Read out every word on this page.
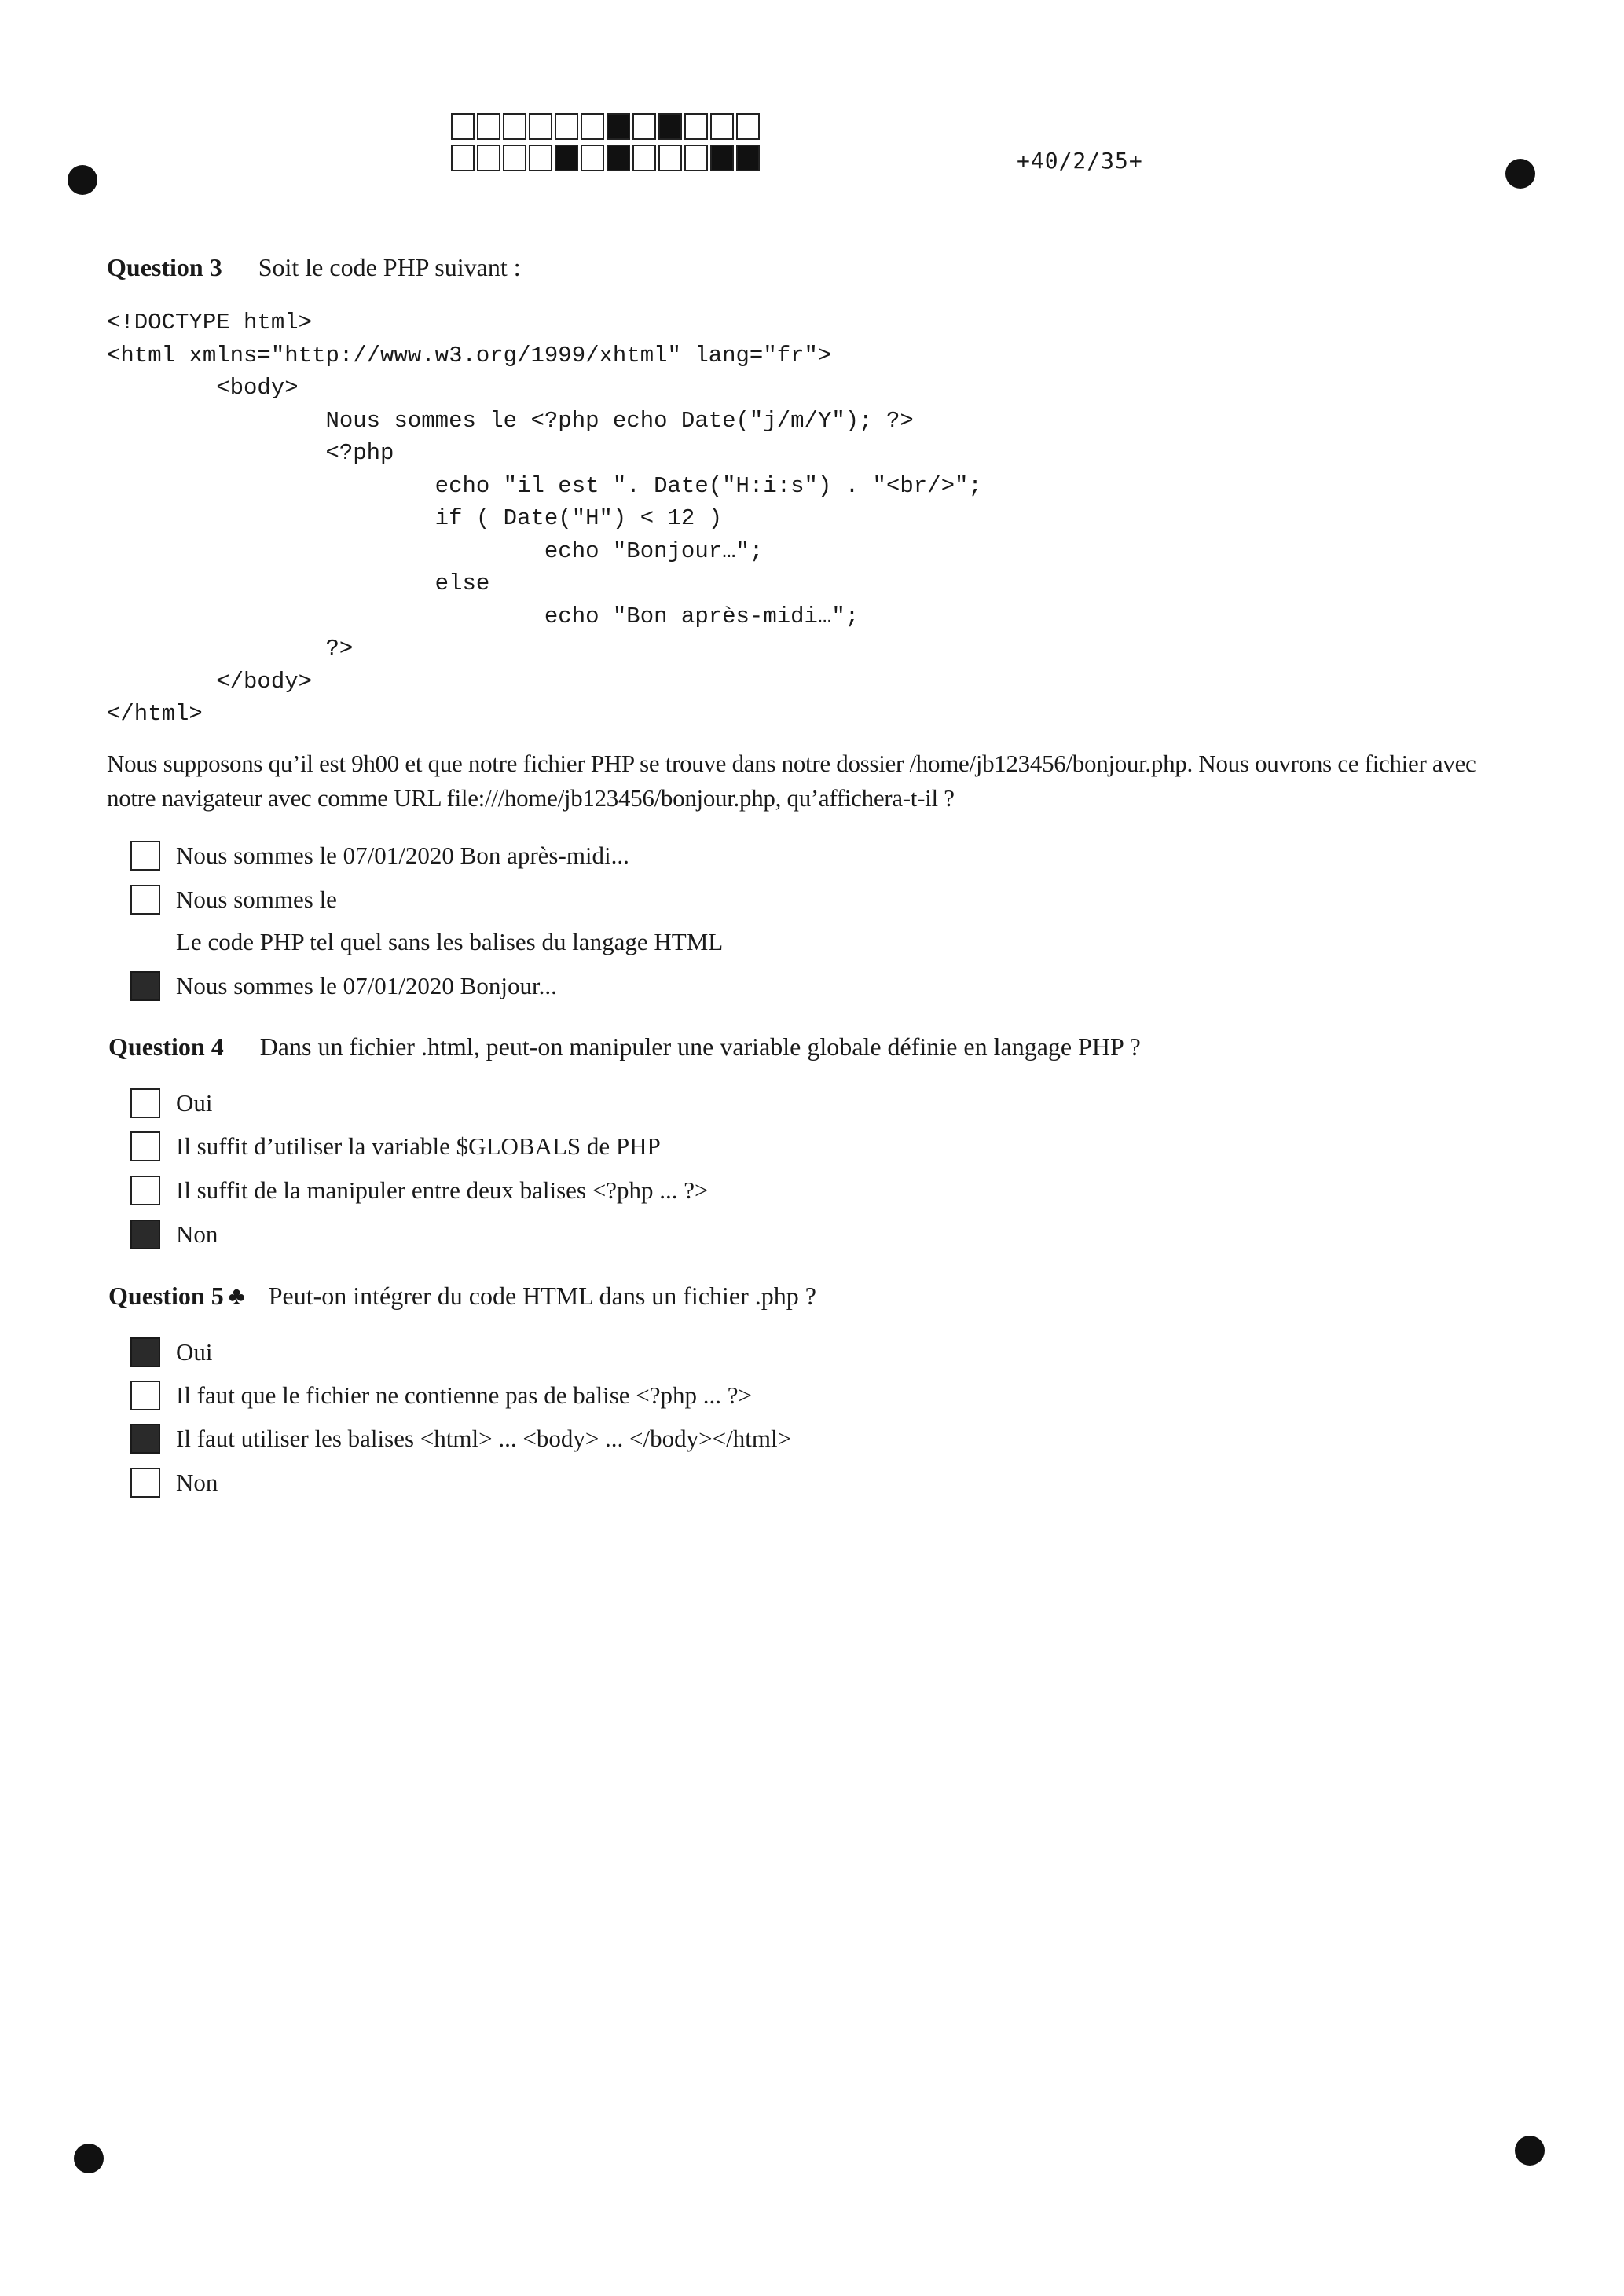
+40/2/35+
Question 3 Soit le code PHP suivant :
<!DOCTYPE html>
<html xmlns="http://www.w3.org/1999/xhtml" lang="fr">
<body>
Nous sommes le <?php echo Date("j/m/Y"); ?>
<?php
echo "il est ". Date("H:i:s") . "<br/>";
if ( Date("H") < 12 )
echo "Bonjour…";
else
echo "Bon après-midi…";
?>
</body>
</html>
Nous supposons qu’il est 9h00 et que notre fichier PHP se trouve dans notre dossier /home/jb123456/bonjour.php. Nous ouvrons ce fichier avec notre navigateur avec comme URL file:///home/jb123456/bonjour.php, qu’affichera-t-il ?
Nous sommes le 07/01/2020 Bon après-midi...
Nous sommes le
Le code PHP tel quel sans les balises du langage HTML
Nous sommes le 07/01/2020 Bonjour...
Question 4 Dans un fichier .html, peut-on manipuler une variable globale définie en langage PHP ?
Oui
Il suffit d’utiliser la variable $GLOBALS de PHP
Il suffit de la manipuler entre deux balises <?php ... ?>
Non
Question 5 ♣ Peut-on intégrer du code HTML dans un fichier .php ?
Oui
Il faut que le fichier ne contienne pas de balise <?php ... ?>
Il faut utiliser les balises <html> ... <body> ... </body></html>
Non
